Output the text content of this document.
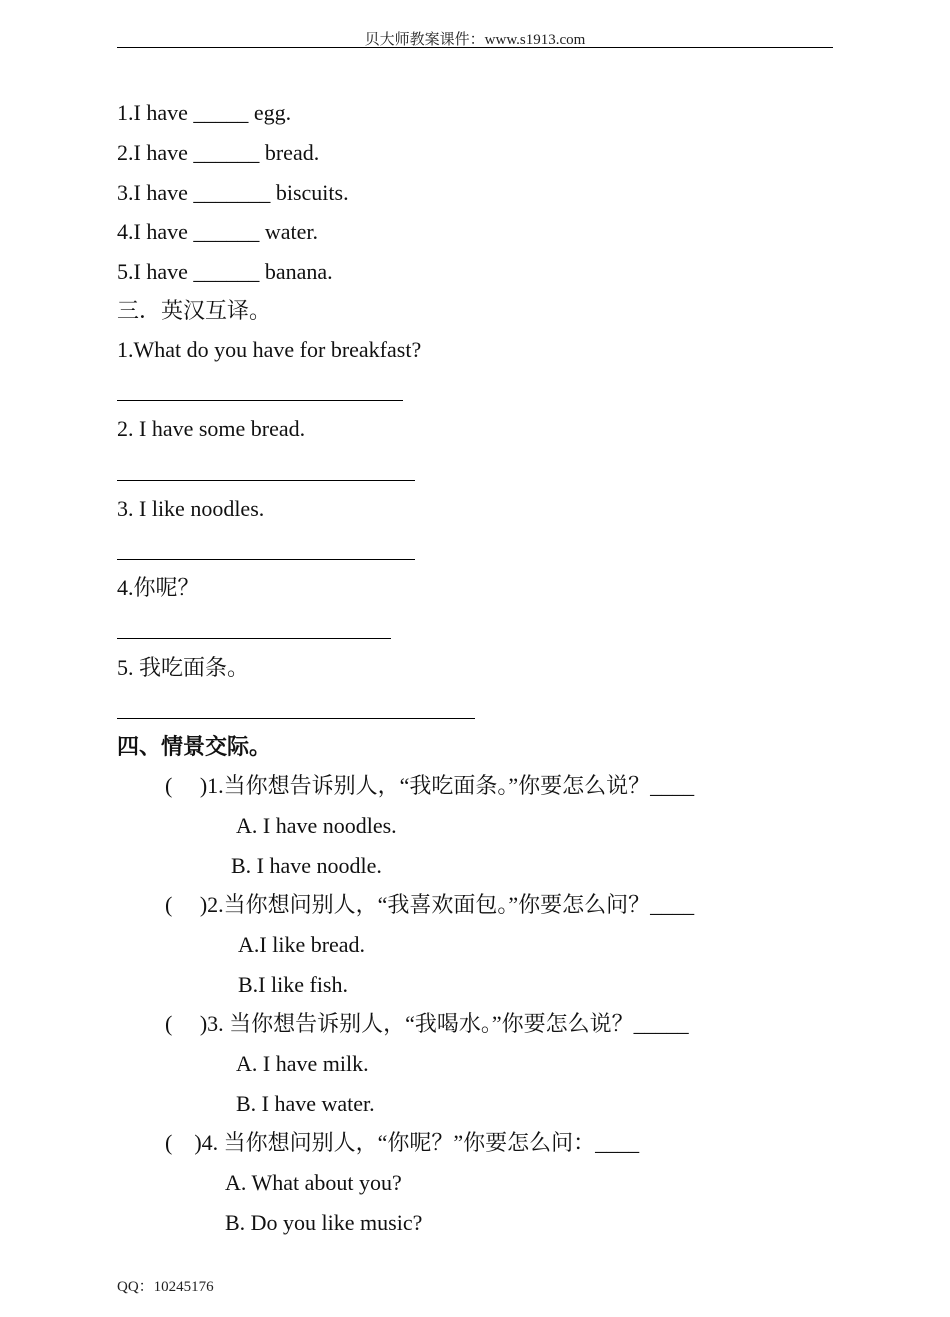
贝大师教案课件：www.s1913.com
1.I have _____ egg.
2.I have ______ bread.
3.I have _______ biscuits.
4.I have ______ water.
5.I have ______ banana.
三．英汉互译。
1.What do you have for breakfast?
2. I have some bread.
3. I like noodles.
4.你呢？
5. 我吃面条。
四、情景交际。
(     )1.当你想告诉别人，“我吃面条。”你要怎么说？____
A. I have noodles.
B. I have noodle.
(     )2.当你想问别人，“我喜欢面包。”你要怎么问？____
A.I like bread.
B.I like fish.
(     )3. 当你想告诉别人，“我喝水。”你要怎么说？_____
A. I have milk.
B. I have water.
(    )4. 当你想问别人，“你呢？”你要怎么问：____
A. What about you?
B. Do you like music?
QQ：10245176
